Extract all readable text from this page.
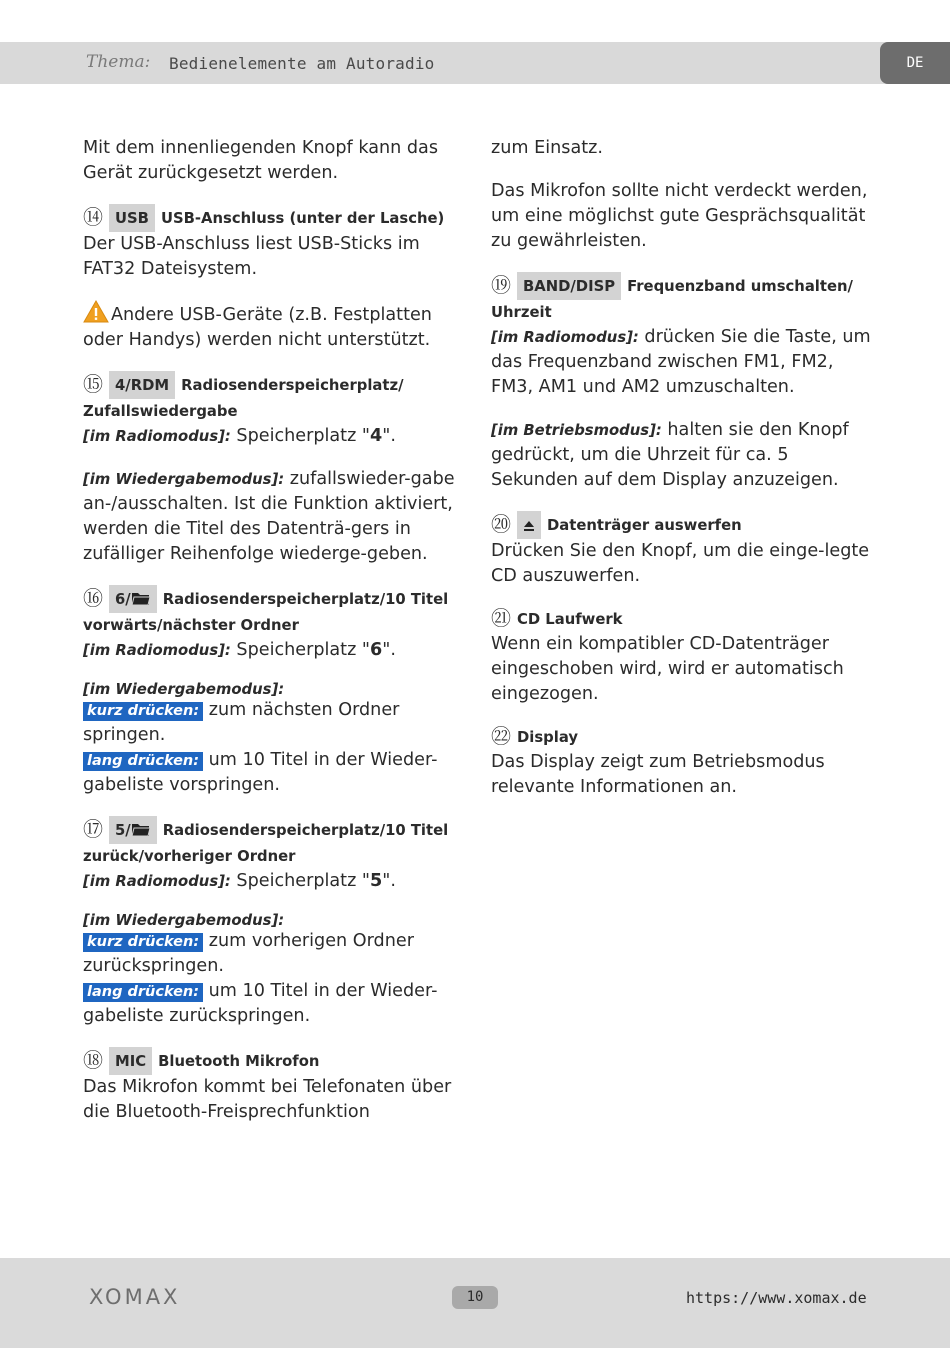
Thema: Bedienelemente am Autoradio	DE
Mit dem innenliegenden Knopf kann das Gerät zurückgesetzt werden.
⑭ USB USB-Anschluss (unter der Lasche)
Der USB-Anschluss liest USB-Sticks im FAT32 Dateisystem.
Andere USB-Geräte (z.B. Festplatten oder Handys) werden nicht unterstützt.
⑮ 4/RDM Radiosenderspeicherplatz/ Zufallswiedergabe
[im Radiomodus]: Speicherplatz "4".
[im Wiedergabemodus]: zufallswieder-gabe an-/ausschalten. Ist die Funktion aktiviert, werden die Titel des Datenträ-gers in zufälliger Reihenfolge wiederge-geben.
⑯ 6/ Radiosenderspeicherplatz/10 Titel vorwärts/nächster Ordner
[im Radiomodus]: Speicherplatz "6".
[im Wiedergabemodus]:
kurz drücken: zum nächsten Ordner springen.
lang drücken: um 10 Titel in der Wieder-gabeliste vorspringen.
⑰ 5/ Radiosenderspeicherplatz/10 Titel zurück/vorheriger Ordner
[im Radiomodus]: Speicherplatz "5".
[im Wiedergabemodus]:
kurz drücken: zum vorherigen Ordner zurückspringen.
lang drücken: um 10 Titel in der Wieder-gabeliste zurückspringen.
⑱ MIC Bluetooth Mikrofon
Das Mikrofon kommt bei Telefonaten über die Bluetooth-Freisprechfunktion
zum Einsatz.
Das Mikrofon sollte nicht verdeckt werden, um eine möglichst gute Gesprächsqualität zu gewährleisten.
⑲ BAND/DISP Frequenzband umschalten/ Uhrzeit
[im Radiomodus]: drücken Sie die Taste, um das Frequenzband zwischen FM1, FM2, FM3, AM1 und AM2 umzuschalten.
[im Betriebsmodus]: halten sie den Knopf gedrückt, um die Uhrzeit für ca. 5 Sekunden auf dem Display anzuzeigen.
⑳ Datenträger auswerfen
Drücken Sie den Knopf, um die einge-legte CD auszuwerfen.
㉑ CD Laufwerk
Wenn ein kompatibler CD-Datenträger eingeschoben wird, wird er automatisch eingezogen.
㉒ Display
Das Display zeigt zum Betriebsmodus relevante Informationen an.
XOMAX	10	https://www.xomax.de
